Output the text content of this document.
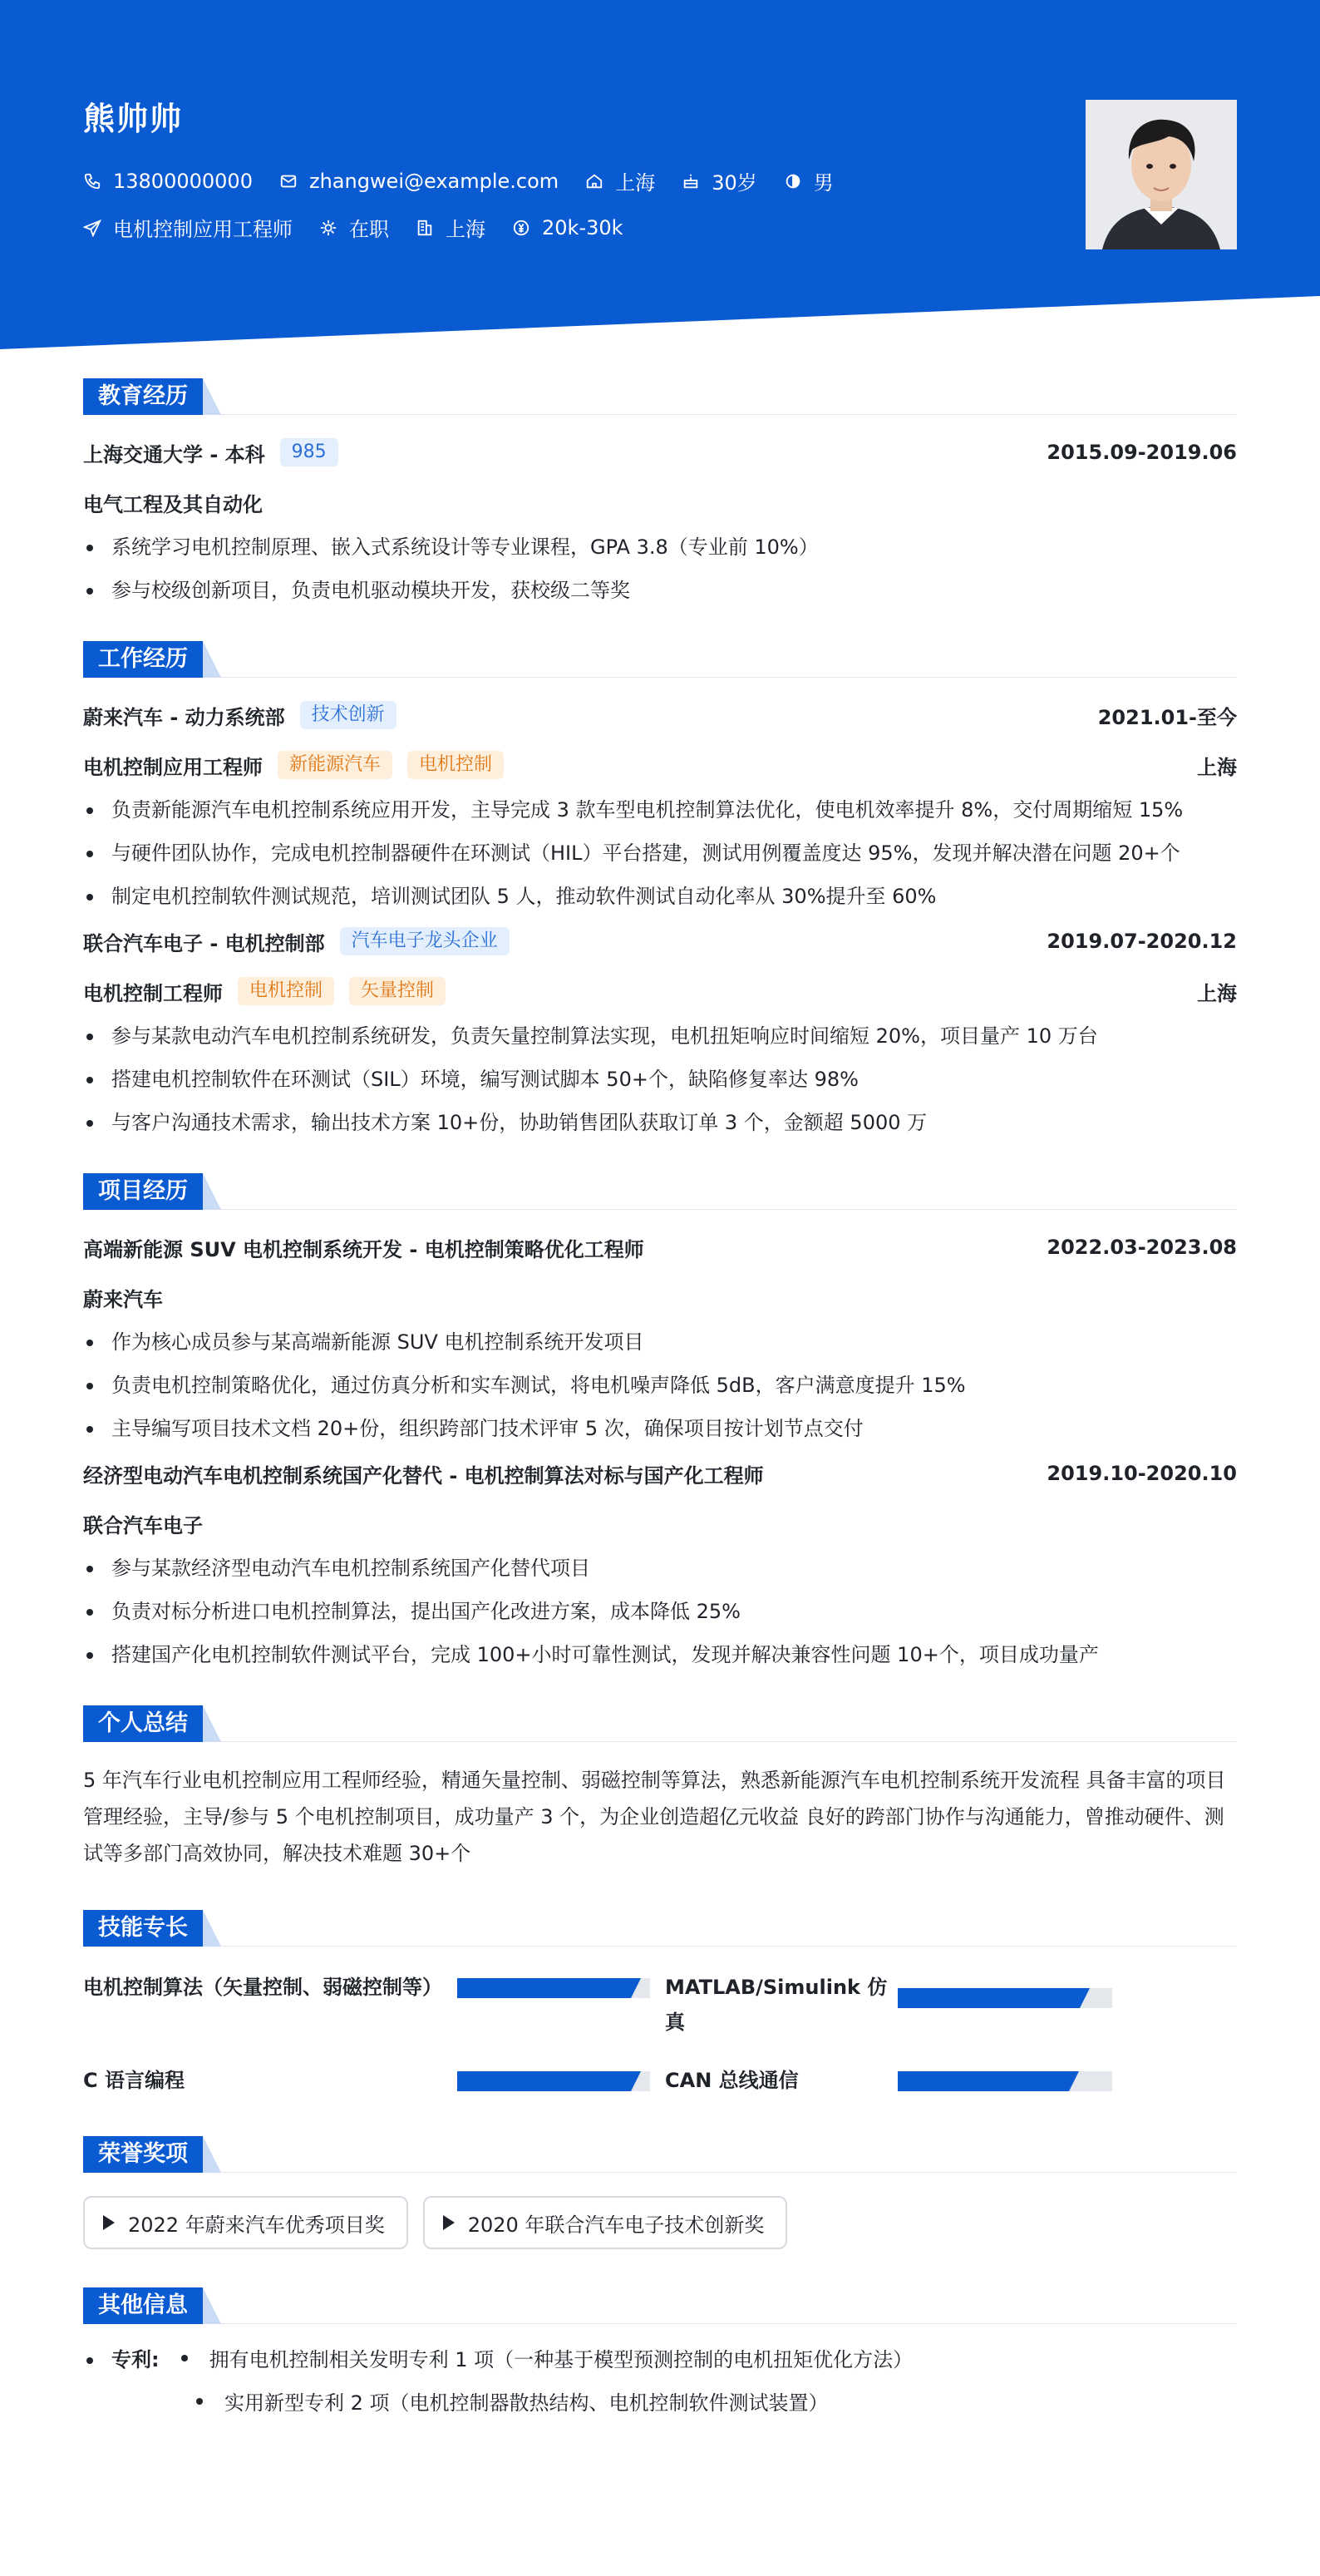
熊帅帅
13800000000	zhangwei@example.com	上海	30岁	男
电机控制应用工程师	在职	上海	20k-30k
教育经历
上海交通大学 - 本科	985	2015.09-2019.06
电气工程及其自动化
系统学习电机控制原理、嵌入式系统设计等专业课程，GPA 3.8（专业前 10%）
参与校级创新项目，负责电机驱动模块开发，获校级二等奖
工作经历
蔚来汽车 - 动力系统部	技术创新	2021.01-至今
电机控制应用工程师	新能源汽车	电机控制	上海
负责新能源汽车电机控制系统应用开发，主导完成 3 款车型电机控制算法优化，使电机效率提升 8%，交付周期缩短 15%
与硬件团队协作，完成电机控制器硬件在环测试（HIL）平台搭建，测试用例覆盖度达 95%，发现并解决潜在问题 20+个
制定电机控制软件测试规范，培训测试团队 5 人，推动软件测试自动化率从 30%提升至 60%
联合汽车电子 - 电机控制部	汽车电子龙头企业	2019.07-2020.12
电机控制工程师	电机控制	矢量控制	上海
参与某款电动汽车电机控制系统研发，负责矢量控制算法实现，电机扭矩响应时间缩短 20%，项目量产 10 万台
搭建电机控制软件在环测试（SIL）环境，编写测试脚本 50+个，缺陷修复率达 98%
与客户沟通技术需求，输出技术方案 10+份，协助销售团队获取订单 3 个，金额超 5000 万
项目经历
高端新能源 SUV 电机控制系统开发 - 电机控制策略优化工程师	2022.03-2023.08
蔚来汽车
作为核心成员参与某高端新能源 SUV 电机控制系统开发项目
负责电机控制策略优化，通过仿真分析和实车测试，将电机噪声降低 5dB，客户满意度提升 15%
主导编写项目技术文档 20+份，组织跨部门技术评审 5 次，确保项目按计划节点交付
经济型电动汽车电机控制系统国产化替代 - 电机控制算法对标与国产化工程师	2019.10-2020.10
联合汽车电子
参与某款经济型电动汽车电机控制系统国产化替代项目
负责对标分析进口电机控制算法，提出国产化改进方案，成本降低 25%
搭建国产化电机控制软件测试平台，完成 100+小时可靠性测试，发现并解决兼容性问题 10+个，项目成功量产
个人总结

5 年汽车行业电机控制应用工程师经验，精通矢量控制、弱磁控制等算法，熟悉新能源汽车电机控制系统开发流程 具备丰富的项目管理经验，主导/参与 5 个电机控制项目，成功量产 3 个，为企业创造超亿元收益 良好的跨部门协作与沟通能力，曾推动硬件、测试等多部门高效协同，解决技术难题 30+个

技能专长
电机控制算法（矢量控制、弱磁控制等）	MATLAB/Simulink 仿真
C 语言编程	CAN 总线通信
荣誉奖项
2022 年蔚来汽车优秀项目奖	2020 年联合汽车电子技术创新奖
其他信息
专利:	拥有电机控制相关发明专利 1 项（一种基于模型预测控制的电机扭矩优化方法）
实用新型专利 2 项（电机控制器散热结构、电机控制软件测试装置）
